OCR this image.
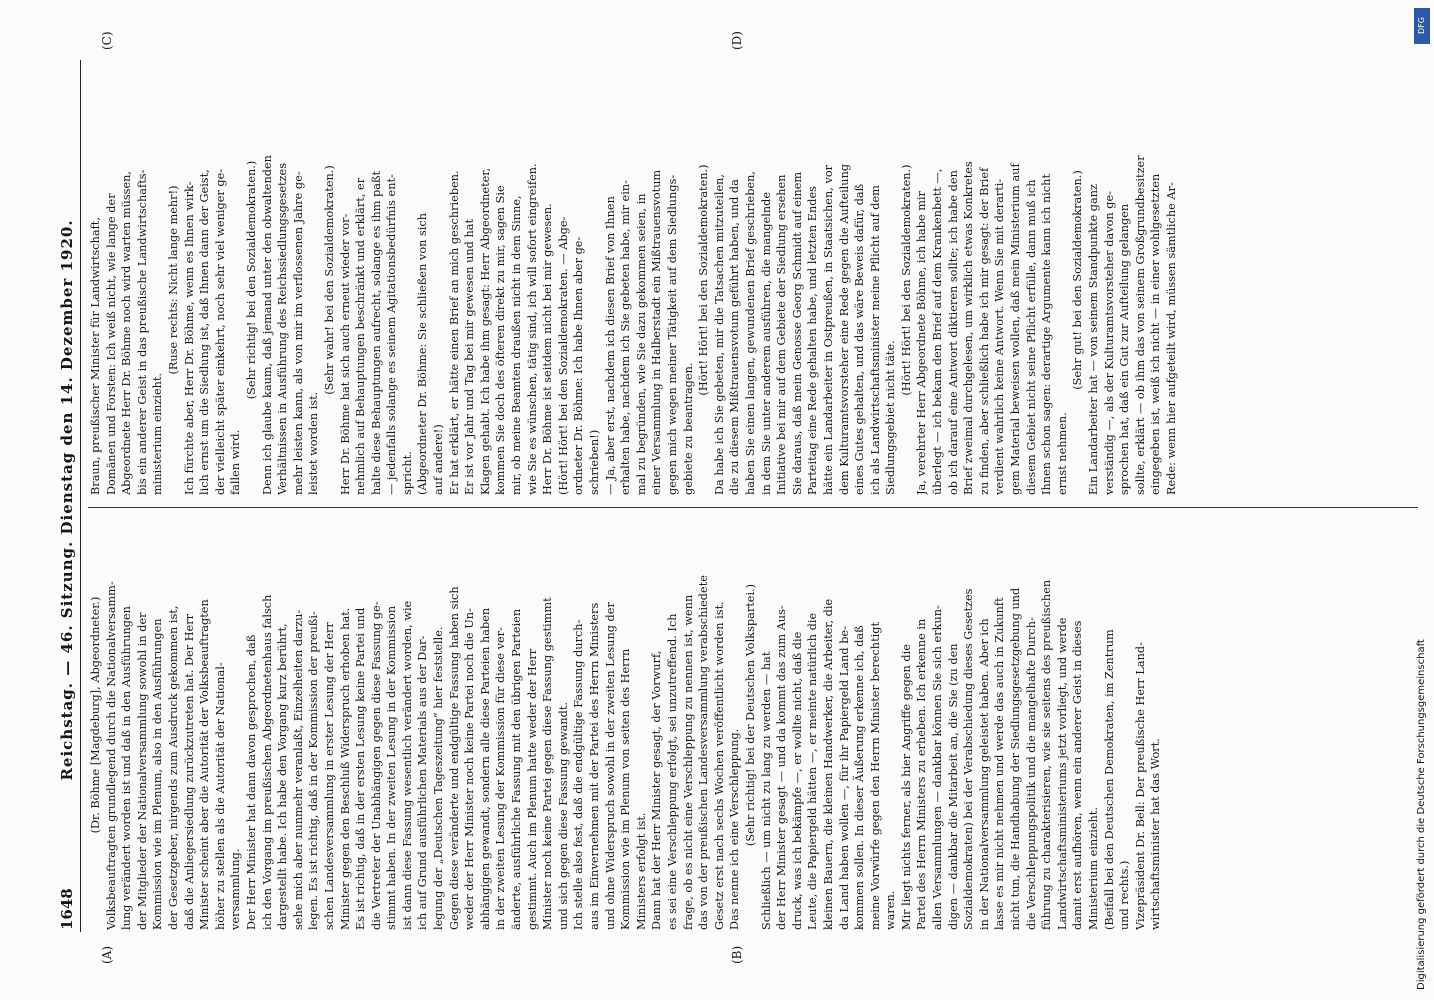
1648
Reichstag. — 46. Sitzung. Dienstag den 14. Dezember 1920.
(A)	(B)
(C)	(D)

(Dr. Böhme [Magdeburg], Abgeordneter.) Volksbeauftragten grundlegend durch die Nationalversamm- lung verändert worden ist und daß in den Ausführungen der Mitglieder der Nationalversammlung sowohl in der Kommission wie im Plenum, also in den Ausführungen der Gesetzgeber, nirgends zum Ausdruck gekommen ist, daß die Anliegersiedlung zurückzutreten hat. Der Herr Minister scheint aber die Autorität der Volksbeauftragten höher zu stellen als die Autorität der National- versammlung. Der Herr Minister hat dann davon gesprochen, daß ich den Vorgang im preußischen Abgeordnetenhaus falsch dargestellt habe. Ich habe den Vorgang kurz berührt, sehe mich aber nunmehr veranlaßt, Einzelheiten darzu- legen. Es ist richtig, daß in der Kommission der preußi- schen Landesversammlung in erster Lesung der Herr Minister gegen den Beschluß Widerspruch erhoben hat. Es ist richtig, daß in der ersten Lesung keine Partei und die Vertreter der Unabhängigen gegen diese Fassung ge- stimmt haben. In der zweiten Lesung in der Kommission ist dann diese Fassung wesentlich verändert worden, wie ich auf Grund ausführlichen Materials aus der Dar- legung der „Deutschen Tageszeitung“ hier feststelle. Gegen diese veränderte und endgültige Fassung haben sich weder der Herr Minister noch keine Partei noch die Un- abhängigen gewandt, sondern alle diese Parteien haben in der zweiten Lesung der Kommission für diese ver- änderte, ausführliche Fassung mit den übrigen Parteien gestimmt. Auch im Plenum hatte weder der Herr Minister noch keine Partei gegen diese Fassung gestimmt und sich gegen diese Fassung gewandt. Ich stelle also fest, daß die endgültige Fassung durch- aus im Einvernehmen mit der Partei des Herrn Ministers und ohne Widerspruch sowohl in der zweiten Lesung der Kommission wie im Plenum von seiten des Herrn Ministers erfolgt ist. Dann hat der Herr Minister gesagt, der Vorwurf, es sei eine Verschleppung erfolgt, sei unzutreffend. Ich frage, ob es nicht eine Verschleppung zu nennen ist, wenn das von der preußischen Landesversammlung verabschiedete Gesetz erst nach sechs Wochen veröffentlicht worden ist. Das nenne ich eine Verschleppung. (Sehr richtig! bei der Deutschen Volkspartei.) Schließlich — um nicht zu lang zu werden — hat der Herr Minister gesagt — und da kommt das zum Aus- druck, was ich bekämpfe —, er wollte nicht, daß die Leute, die Papiergeld hätten —, er meinte natürlich die kleinen Bauern, die kleinen Handwerker, die Arbeiter, die da Land haben wollen —, für ihr Papiergeld Land be- kommen sollen. In dieser Äußerung erkenne ich, daß meine Vorwürfe gegen den Herrn Minister berechtigt waren. Mir liegt nichts ferner, als hier Angriffe gegen die Partei des Herrn Ministers zu erheben. Ich erkenne in allen Versammlungen — dankbar können Sie sich erkun- digen — dankbar die Mitarbeit an, die Sie (zu den Sozialdemokraten) bei der Verabschiedung dieses Gesetzes in der Nationalversammlung geleistet haben. Aber ich lasse es mir nicht nehmen und werde das auch in Zukunft nicht tun, die Handhabung der Siedlungsgesetzgebung und die Verschleppungspolitik und die mangelhafte Durch- führung zu charakterisieren, wie sie seitens des preußischen Landwirtschaftsministeriums jetzt vorliegt, und werde damit erst aufhören, wenn ein anderer Geist in dieses Ministerium einzieht. (Beifall bei den Deutschen Demokraten, im Zentrum und rechts.) Vizepräsident Dr. Bell: Der preußische Herr Land- wirtschaftsminister hat das Wort.

Braun, preußischer Minister für Landwirtschaft, Domänen und Forsten: Ich weiß nicht, wie lange der Abgeordnete Herr Dr. Böhme noch wird warten müssen, bis ein anderer Geist in das preußische Landwirtschafts- ministerium einzieht.

(Ruse rechts: Nicht lange mehr!) Ich fürchte aber, Herr Dr. Böhme, wenn es Ihnen wirk- lich ernst um die Siedlung ist, daß Ihnen dann der Geist, der vielleicht später einkehrt, noch sehr viel weniger ge- fallen wird.

(Sehr richtig! bei den Sozialdemokraten.) Denn ich glaube kaum, daß jemand unter den obwaltenden Verhältnissen in Ausführung des Reichssiedlungsgesetzes mehr leisten kann, als von mir im verflossenen Jahre ge- leistet worden ist.

(Sehr wahr! bei den Sozialdemokraten.) Herr Dr. Böhme hat sich auch erneut wieder vor- nehmlich auf Behauptungen beschränkt und erklärt, er halte diese Behauptungen aufrecht, solange es ihm paßt — jedenfalls solange es seinem Agitationsbedürfnis ent- spricht. (Abgeordneter Dr. Böhme: Sie schließen von sich auf andere!) Er hat erklärt, er hätte einen Brief an mich geschrieben. Er ist vor Jahr und Tag bei mir gewesen und hat Klagen gehabt. Ich habe ihm gesagt: Herr Abgeordneter, kommen Sie doch des öfteren direkt zu mir, sagen Sie mir, ob meine Beamten draußen nicht in dem Sinne, wie Sie es wünschen, tätig sind, ich will sofort eingreifen. Herr Dr. Böhme ist seitdem nicht bei mir gewesen. (Hört! Hört! bei den Sozialdemokraten. — Abge- ordneter Dr. Böhme: Ich habe Ihnen aber ge- schrieben!) — Ja, aber erst, nachdem ich diesen Brief von Ihnen erhalten habe, nachdem ich Sie gebeten habe, mir ein- mal zu begründen, wie Sie dazu gekommen seien, in einer Versammlung in Halberstadt ein Mißtrauensvotum gegen mich wegen meiner Tätigkeit auf dem Siedlungs- gebiete zu beantragen.

(Hört! Hört! bei den Sozialdemokraten.) Da habe ich Sie gebeten, mir die Tatsachen mitzuteilen, die zu diesem Mißtrauensvotum geführt haben, und da haben Sie einen langen, gewundenen Brief geschrieben, in dem Sie unter anderem ausführen, die mangelnde Initiative bei mir auf dem Gebiete der Siedlung ersehen Sie daraus, daß mein Genosse Georg Schmidt auf einem Parteitag eine Rede gehalten habe, und letzten Endes hätte ein Landarbeiter in Ostpreußen, in Staatsichen, vor dem Kulturamtsvorsteher eine Rede gegen die Aufteilung eines Gutes gehalten, und das wäre Beweis dafür, daß ich als Landwirtschaftsminister meine Pflicht auf dem Siedlungsgebiet nicht täte.

(Hört! Hört! bei den Sozialdemokraten.) Ja, verehrter Herr Abgeordnete Böhme, ich habe mir überlegt — ich bekam den Brief auf dem Krankenbett —, ob ich darauf eine Antwort diktieren sollte; ich habe den Brief zweimal durchgelesen, um wirklich etwas Konkretes zu finden, aber schließlich habe ich mir gesagt: der Brief verdient wahrlich keine Antwort. Wenn Sie mit derarti- gem Material beweisen wollen, daß mein Ministerium auf diesem Gebiet nicht seine Pflicht erfülle, dann muß ich Ihnen schon sagen: derartige Argumente kann ich nicht ernst nehmen.

(Sehr gut! bei den Sozialdemokraten.) Ein Landarbeiter hat — von seinem Standpunkte ganz verständig —, als der Kulturamtsvorsteher davon ge- sprochen hat, daß ein Gut zur Aufteilung gelangen sollte, erklärt — ob ihm das von seinem Großgrundbesitzer eingegeben ist, weiß ich nicht — in einer wohlgesetzten Rede: wenn hier aufgeteilt wird, müssen sämtliche Ar-

DFG
Digitalisierung gefördert durch die Deutsche Forschungsgemeinschaft
